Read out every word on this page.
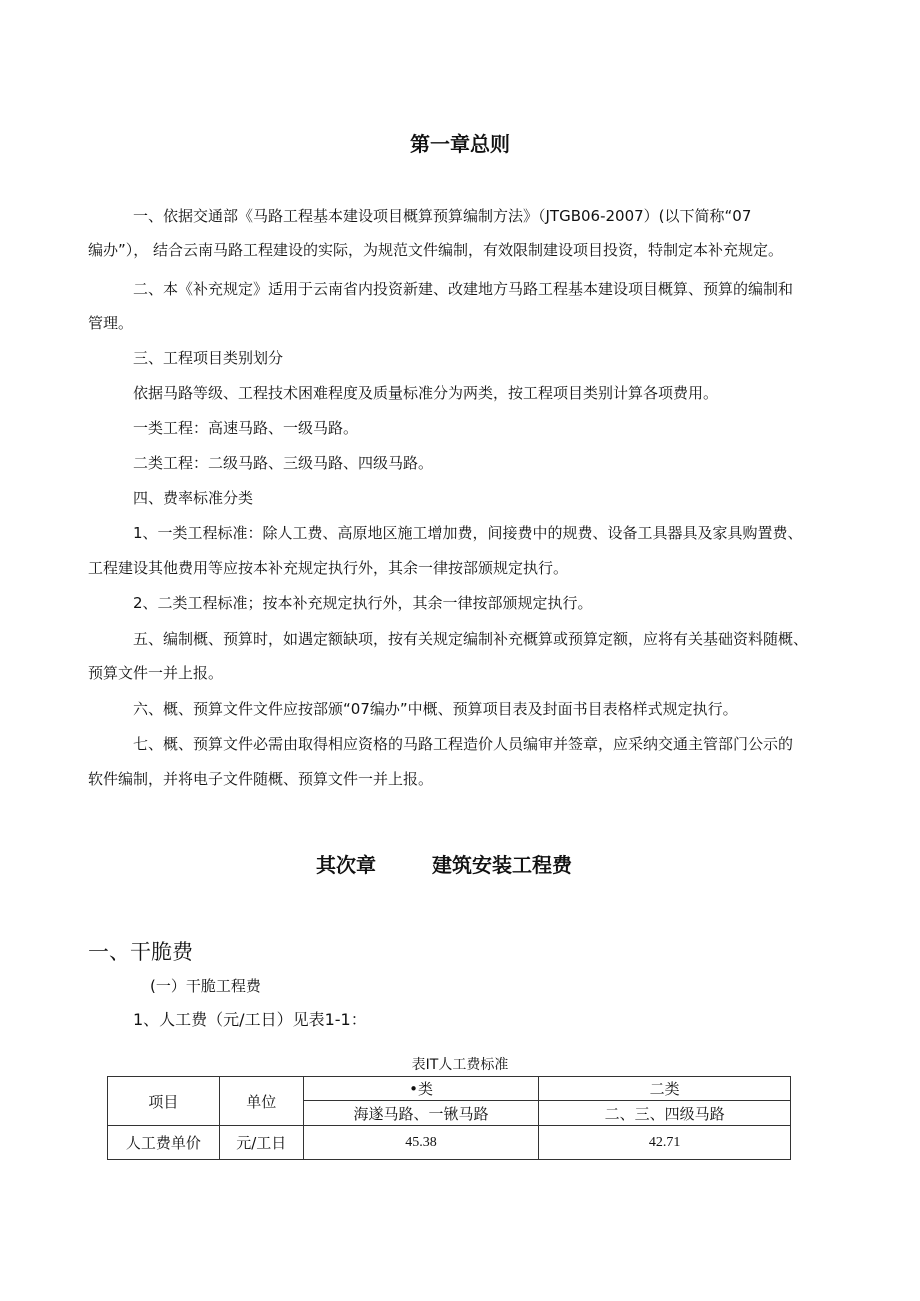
第一章总则
一、依据交通部《马路工程基本建设项目概算预算编制方法》（JTGB06-2007）(以下简称“07
编办”）， 结合云南马路工程建设的实际，为规范文件编制，有效限制建设项目投资，特制定本补充规定。
二、本《补充规定》适用于云南省内投资新建、改建地方马路工程基本建设项目概算、预算的编制和
管理。
三、工程项目类别划分
依据马路等级、工程技术困难程度及质量标准分为两类，按工程项目类别计算各项费用。
一类工程：高速马路、一级马路。
二类工程：二级马路、三级马路、四级马路。
四、费率标准分类
1、一类工程标准：除人工费、高原地区施工增加费，间接费中的规费、设备工具器具及家具购置费、
工程建设其他费用等应按本补充规定执行外，其余一律按部颁规定执行。
2、二类工程标准；按本补充规定执行外，其余一律按部颁规定执行。
五、编制概、预算时，如遇定额缺项，按有关规定编制补充概算或预算定额，应将有关基础资料随概、
预算文件一并上报。
六、概、预算文件文件应按部颁“07编办”中概、预算项目表及封面书目表格样式规定执行。
七、概、预算文件必需由取得相应资格的马路工程造价人员编审并签章，应采纳交通主管部门公示的
软件编制，并将电子文件随概、预算文件一并上报。
其次章	建筑安装工程费
一、干脆费
(一）干脆工程费
1、人工费（元/工日）见表1-1：
表IT人工费标准
项目	单位	•类	二类
		海遂马路、一锹马路	二、三、四级马路
人工费单价	元/工日	45.38	42.71
